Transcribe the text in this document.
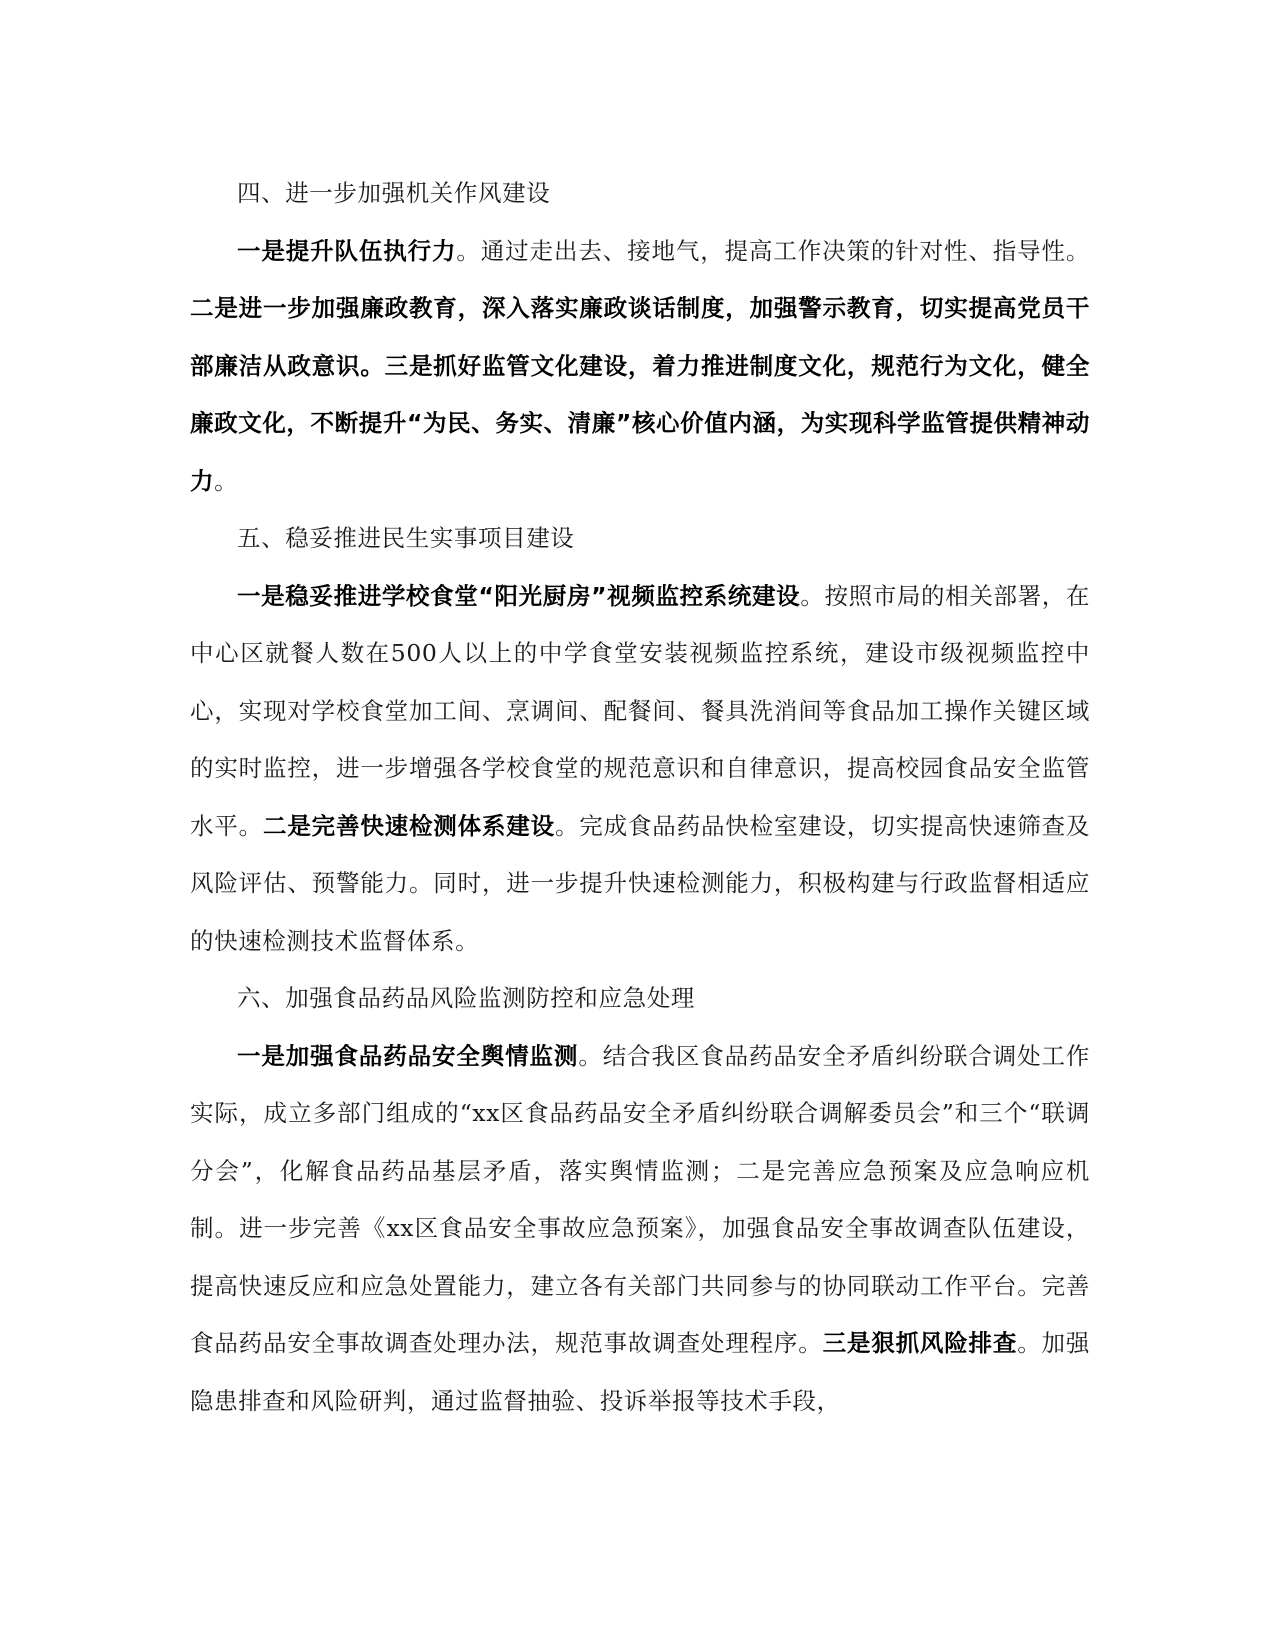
四、进一步加强机关作风建设

一是提升队伍执行力。通过走出去、接地气，提高工作决策的针对性、指导性。二是进一步加强廉政教育，深入落实廉政谈话制度，加强警示教育，切实提高党员干部廉洁从政意识。三是抓好监管文化建设，着力推进制度文化，规范行为文化，健全廉政文化，不断提升“为民、务实、清廉”核心价值内涵，为实现科学监管提供精神动力。

五、稳妥推进民生实事项目建设

一是稳妥推进学校食堂“阳光厨房”视频监控系统建设。按照市局的相关部署，在中心区就餐人数在500人以上的中学食堂安装视频监控系统，建设市级视频监控中心，实现对学校食堂加工间、烹调间、配餐间、餐具洗消间等食品加工操作关键区域的实时监控，进一步增强各学校食堂的规范意识和自律意识，提高校园食品安全监管水平。二是完善快速检测体系建设。完成食品药品快检室建设，切实提高快速筛查及风险评估、预警能力。同时，进一步提升快速检测能力，积极构建与行政监督相适应的快速检测技术监督体系。

六、加强食品药品风险监测防控和应急处理

一是加强食品药品安全舆情监测。结合我区食品药品安全矛盾纠纷联合调处工作实际，成立多部门组成的“xx区食品药品安全矛盾纠纷联合调解委员会”和三个“联调分会”，化解食品药品基层矛盾，落实舆情监测；二是完善应急预案及应急响应机制。进一步完善《xx区食品安全事故应急预案》，加强食品安全事故调查队伍建设，提高快速反应和应急处置能力，建立各有关部门共同参与的协同联动工作平台。完善食品药品安全事故调查处理办法，规范事故调查处理程序。三是狠抓风险排查。加强隐患排查和风险研判，通过监督抽验、投诉举报等技术手段，
